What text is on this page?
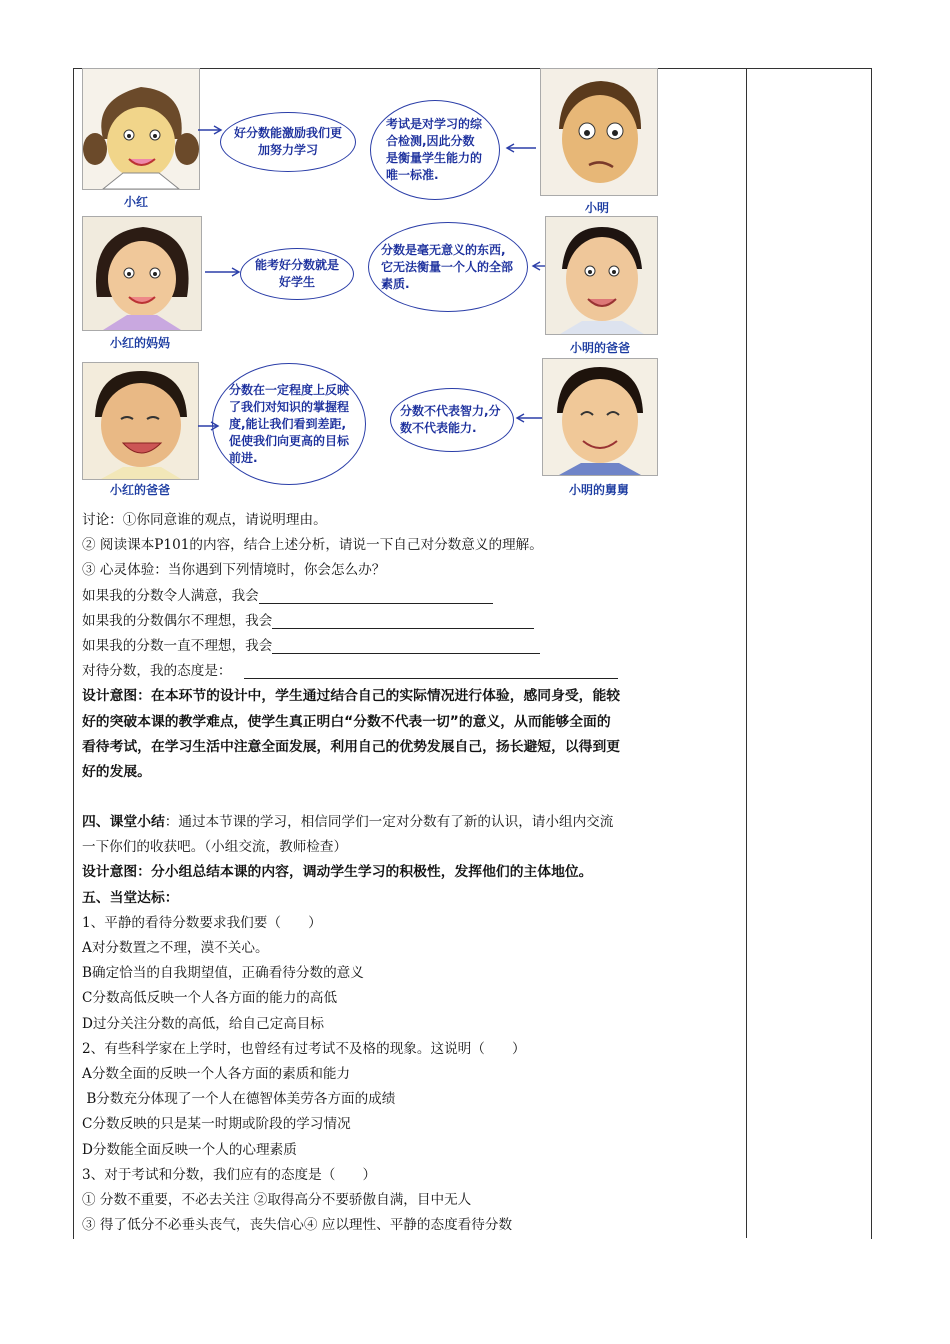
小红
好分数能激励我们更加努力学习
考试是对学习的综合检测,因此分数是衡量学生能力的唯一标准.
小明
小红的妈妈
能考好分数就是好学生
分数是毫无意义的东西,它无法衡量一个人的全部素质.
小明的爸爸
小红的爸爸
分数在一定程度上反映了我们对知识的掌握程度,能让我们看到差距,促使我们向更高的目标前进.
分数不代表智力,分数不代表能力.
小明的舅舅
讨论：①你同意谁的观点，请说明理由。
② 阅读课本P101的内容，结合上述分析，请说一下自己对分数意义的理解。
③ 心灵体验：当你遇到下列情境时，你会怎么办？
如果我的分数令人满意，我会
如果我的分数偶尔不理想，我会
如果我的分数一直不理想，我会
对待分数，我的态度是：
设计意图：在本环节的设计中，学生通过结合自己的实际情况进行体验，感同身受，能较
好的突破本课的教学难点，使学生真正明白“分数不代表一切”的意义，从而能够全面的
看待考试，在学习生活中注意全面发展，利用自己的优势发展自己，扬长避短，以得到更
好的发展。
四、课堂小结：通过本节课的学习，相信同学们一定对分数有了新的认识，请小组内交流
一下你们的收获吧。（小组交流，教师检查）
设计意图：分小组总结本课的内容，调动学生学习的积极性，发挥他们的主体地位。
五、当堂达标：
1、平静的看待分数要求我们要（　　）
A对分数置之不理，漠不关心。
B确定恰当的自我期望值，正确看待分数的意义
C分数高低反映一个人各方面的能力的高低
D过分关注分数的高低，给自己定高目标
2、有些科学家在上学时，也曾经有过考试不及格的现象。这说明（　　）
A分数全面的反映一个人各方面的素质和能力
B分数充分体现了一个人在德智体美劳各方面的成绩
C分数反映的只是某一时期或阶段的学习情况
D分数能全面反映一个人的心理素质
3、对于考试和分数，我们应有的态度是（　　）
① 分数不重要，不必去关注 ②取得高分不要骄傲自满，目中无人
③ 得了低分不必垂头丧气，丧失信心④ 应以理性、平静的态度看待分数
